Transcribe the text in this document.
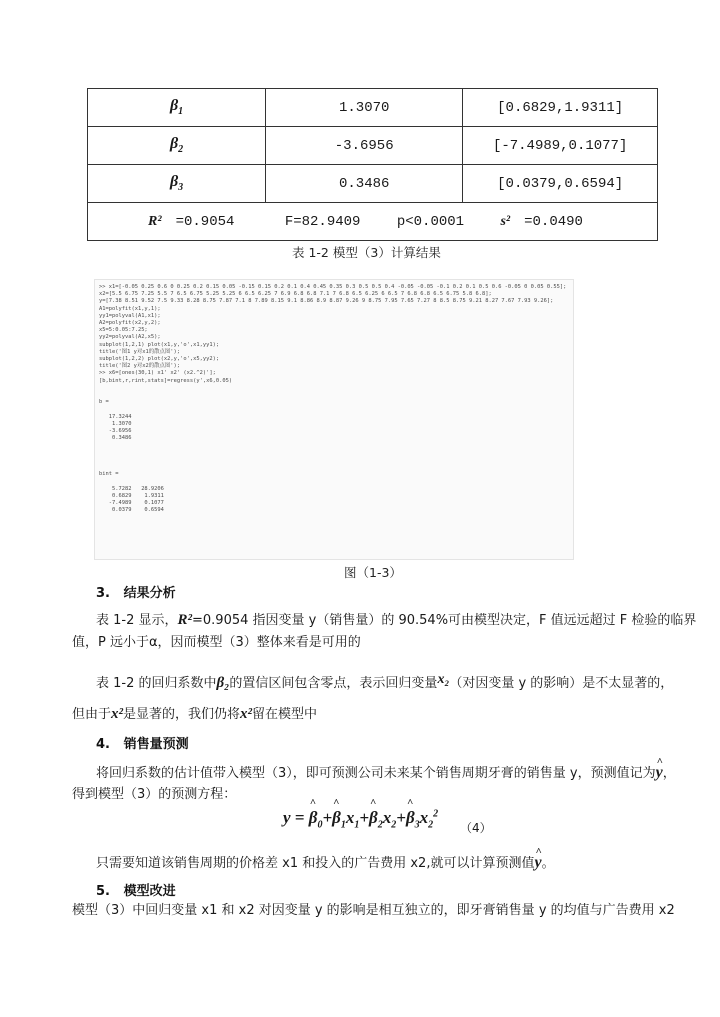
$\beta_1$	1.3070	[0.6829,1.9311]
$\beta_2$	-3.6956	[-7.4989,0.1077]
$\beta_3$	0.3486	[0.0379,0.6594]
R² =0.9054 F=82.9409 p<0.0001 s² =0.0490		
表 1-2 模型（3）计算结果
>> x1=[-0.05 0.25 0.6 0 0.25 0.2 0.15 0.05 -0.15 0.15 0.2 0.1 0.4 0.45 0.35 0.3 0.5 0.5 0.4 -0.05 -0.05 -0.1 0.2 0.1 0.5 0.6 -0.05 0 0.05 0.55];
x2=[5.5 6.75 7.25 5.5 7 6.5 6.75 5.25 5.25 6 6.5 6.25 7 6.9 6.8 6.8 7.1 7 6.8 6.5 6.25 6 6.5 7 6.8 6.8 6.5 6.75 5.8 6.8];
y=[7.38 8.51 9.52 7.5 9.33 8.28 8.75 7.87 7.1 8 7.89 8.15 9.1 8.86 8.9 8.87 9.26 9 8.75 7.95 7.65 7.27 8 8.5 8.75 9.21 8.27 7.67 7.93 9.26];
A1=polyfit(x1,y,1);
yy1=polyval(A1,x1);
A2=polyfit(x2,y,2);
x5=5:0.05:7.25;
yy2=polyval(A2,x5);
subplot(1,2,1) plot(x1,y,'o',x1,yy1);
title('图1 y对x1的散点图');
subplot(1,2,2) plot(x2,y,'o',x5,yy2);
title('图2 y对x2的散点图');
>> x6=[ones(30,1) x1' x2' (x2.^2)'];
[b,bint,r,rint,stats]=regress(y',x6,0.05)

b =

17.3244
1.3070
-3.6956
0.3486

bint =

5.7282   28.9206
0.6829    1.9311
-7.4989    0.1077
0.0379    0.6594
图（1-3）
3. 结果分析
表 1-2 显示，R²=0.9054 指因变量 y（销售量）的 90.54%可由模型决定，F 值远远超过 F 检验的临界
值，P 远小于α，因而模型（3）整体来看是可用的
表 1-2 的回归系数中β₂的置信区间包含零点，表示回归变量x₂（对因变量 y 的影响）是不太显著的，
但由于x²是显著的，我们仍将x²留在模型中
4. 销售量预测
将回归系数的估计值带入模型（3），即可预测公司未来某个销售周期牙膏的销售量 y，预测值记为^ y，
得到模型（3）的预测方程：
y = ^ $\beta_0+\^{}$ $\beta_1x_1+\^{}$ $\beta_2x_2+\^{}$ $\beta_3x_2^2$
（4）
只需要知道该销售周期的价格差 x1 和投入的广告费用 x2,就可以计算预测值^ y。
5. 模型改进
模型（3）中回归变量 x1 和 x2 对因变量 y 的影响是相互独立的，即牙膏销售量 y 的均值与广告费用 x2
